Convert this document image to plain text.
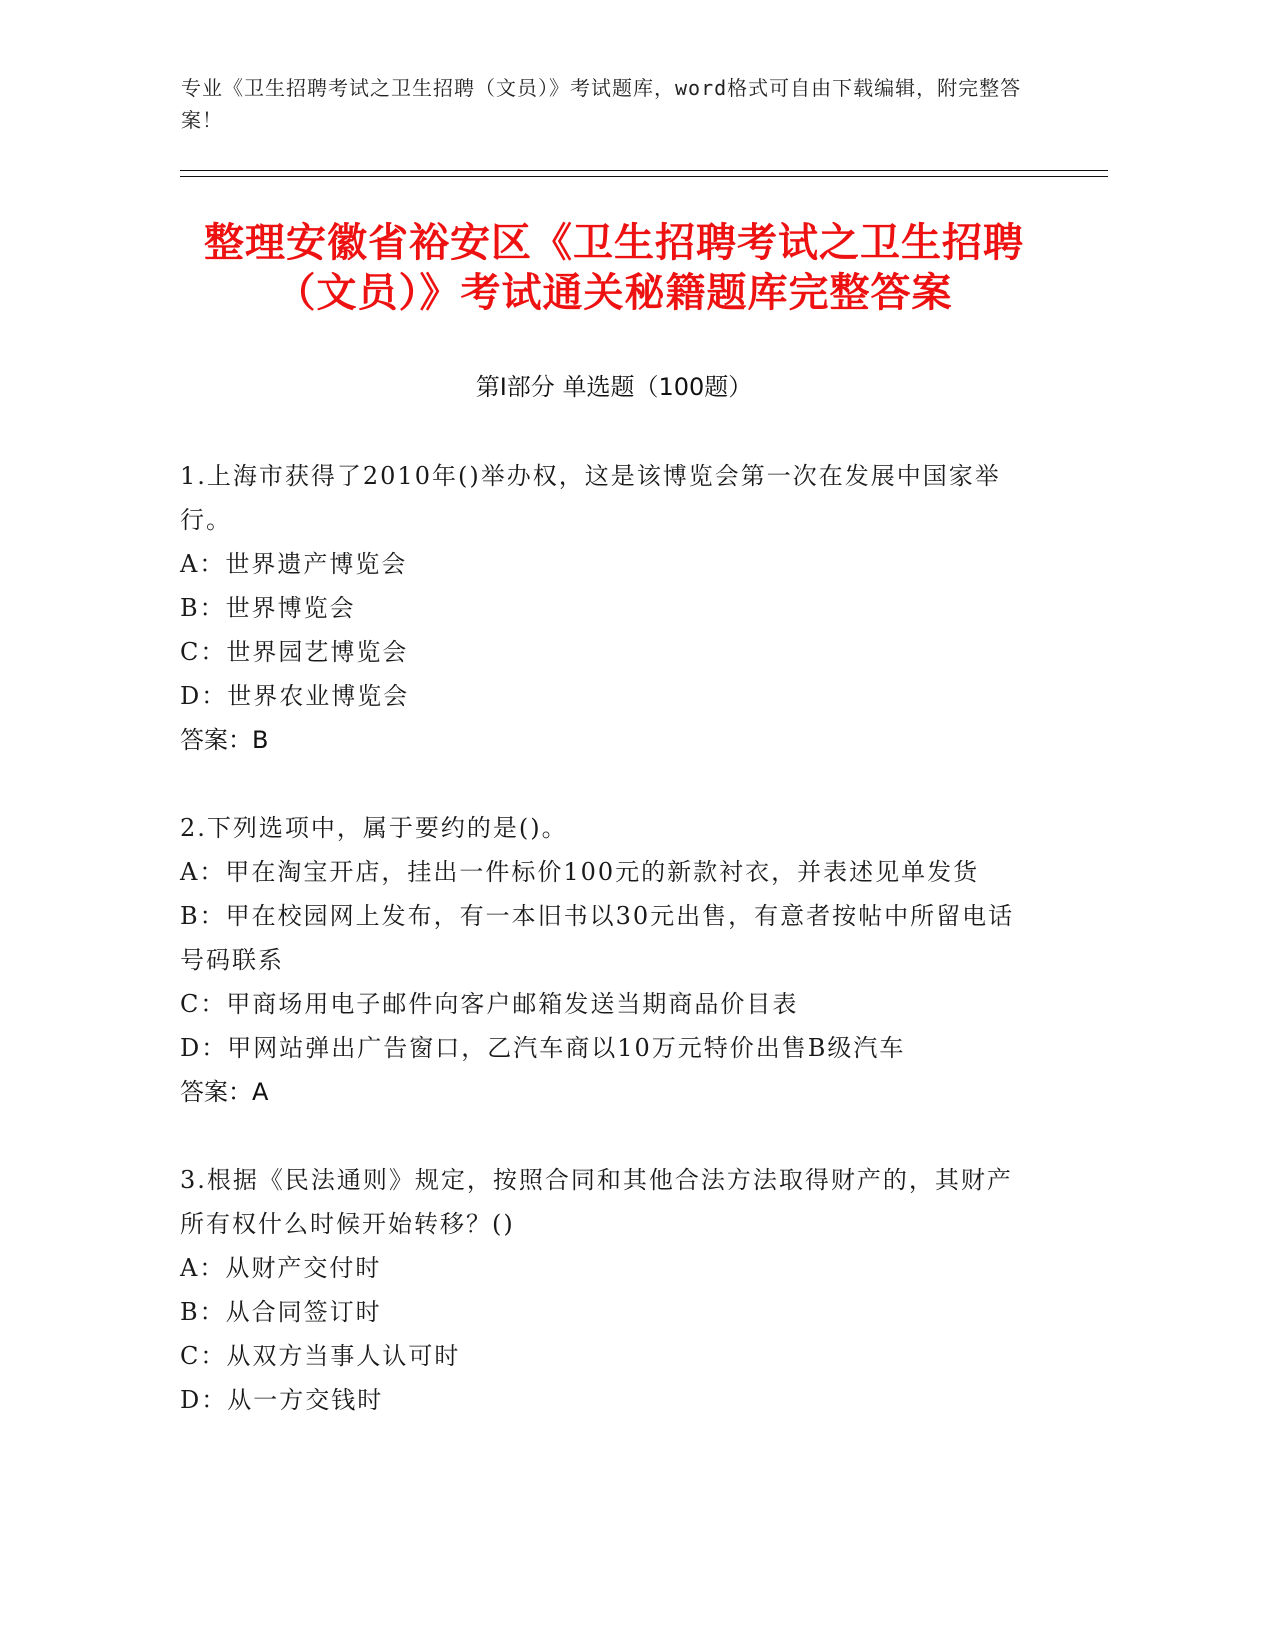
专业《卫生招聘考试之卫生招聘（文员）》考试题库，word格式可自由下载编辑，附完整答案！
整理安徽省裕安区《卫生招聘考试之卫生招聘（文员）》考试通关秘籍题库完整答案
第Ⅰ部分 单选题（100题）
1.上海市获得了2010年()举办权，这是该博览会第一次在发展中国家举行。
A：世界遗产博览会
B：世界博览会
C：世界园艺博览会
D：世界农业博览会
答案：B
2.下列选项中，属于要约的是()。
A：甲在淘宝开店，挂出一件标价100元的新款衬衣，并表述见单发货
B：甲在校园网上发布，有一本旧书以30元出售，有意者按帖中所留电话号码联系
C：甲商场用电子邮件向客户邮箱发送当期商品价目表
D：甲网站弹出广告窗口，乙汽车商以10万元特价出售B级汽车
答案：A
3.根据《民法通则》规定，按照合同和其他合法方法取得财产的，其财产所有权什么时候开始转移？()
A：从财产交付时
B：从合同签订时
C：从双方当事人认可时
D：从一方交钱时
